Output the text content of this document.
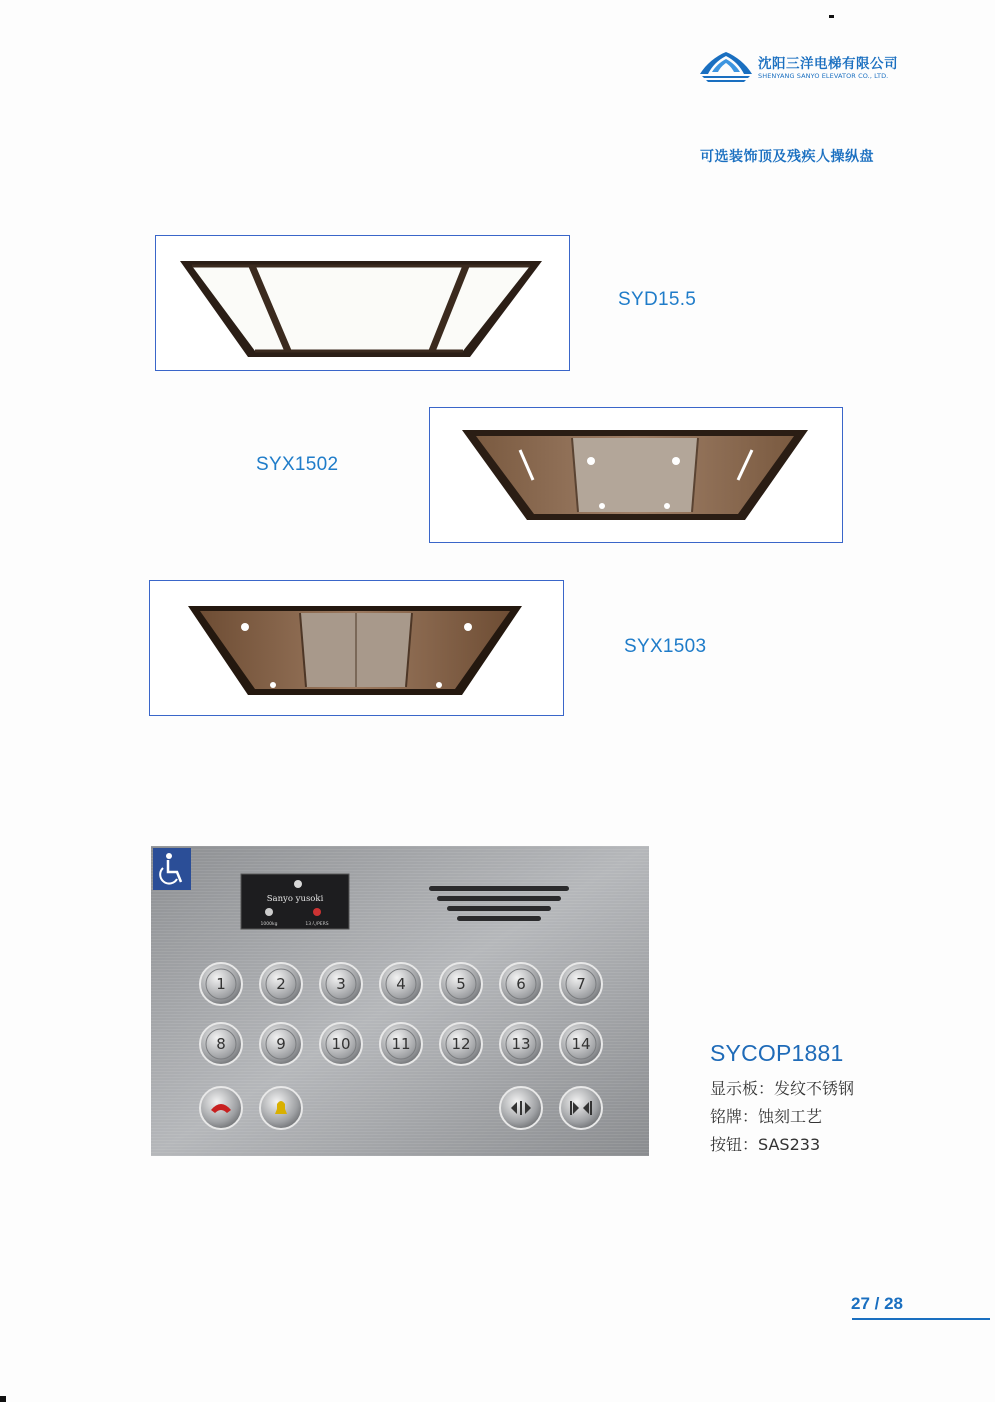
沈阳三洋电梯有限公司
SHENYANG SANYO ELEVATOR CO., LTD.
可选装饰顶及残疾人操纵盘
SYD15.5
SYX1502
SYX1503
Sanyo yusoki
1000kg	13人/PERS
1	2	3	4	5	6	7
8	9	10	11	12	13	14	SYCOP1881
显示板：发纹不锈钢
铭牌：蚀刻工艺
按钮：SAS233
27 / 28
